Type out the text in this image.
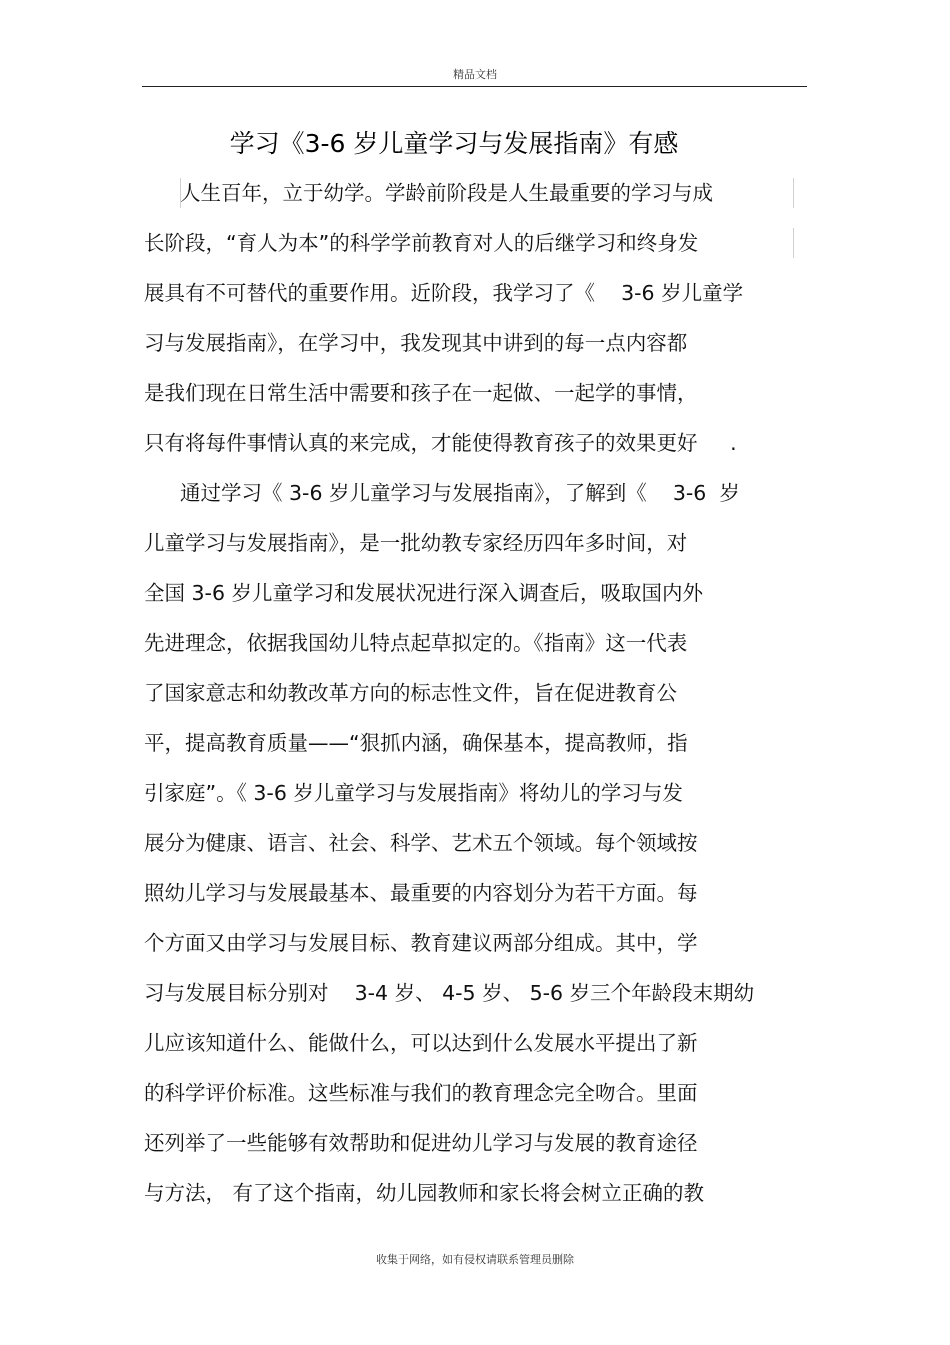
精品文档
学习《3-6 岁儿童学习与发展指南》有感
人生百年，立于幼学。学龄前阶段是人生最重要的学习与成
长阶段，“育人为本”的科学学前教育对人的后继学习和终身发
展具有不可替代的重要作用。近阶段，我学习了《    3-6 岁儿童学
习与发展指南》，在学习中，我发现其中讲到的每一点内容都
是我们现在日常生活中需要和孩子在一起做、一起学的事情，
只有将每件事情认真的来完成，才能使得教育孩子的效果更好     .
通过学习《 3-6 岁儿童学习与发展指南》，了解到《    3-6  岁
儿童学习与发展指南》，是一批幼教专家经历四年多时间，对
全国 3-6 岁儿童学习和发展状况进行深入调查后，吸取国内外
先进理念，依据我国幼儿特点起草拟定的。《指南》这一代表
了国家意志和幼教改革方向的标志性文件，旨在促进教育公
平，提高教育质量——“狠抓内涵，确保基本，提高教师，指
引家庭”。《 3-6 岁儿童学习与发展指南》将幼儿的学习与发
展分为健康、语言、社会、科学、艺术五个领域。每个领域按
照幼儿学习与发展最基本、最重要的内容划分为若干方面。每
个方面又由学习与发展目标、教育建议两部分组成。其中，学
习与发展目标分别对    3-4 岁、 4-5 岁、 5-6 岁三个年龄段末期幼
儿应该知道什么、能做什么，可以达到什么发展水平提出了新
的科学评价标准。这些标准与我们的教育理念完全吻合。里面
还列举了一些能够有效帮助和促进幼儿学习与发展的教育途径
与方法， 有了这个指南，幼儿园教师和家长将会树立正确的教
收集于网络，如有侵权请联系管理员删除
